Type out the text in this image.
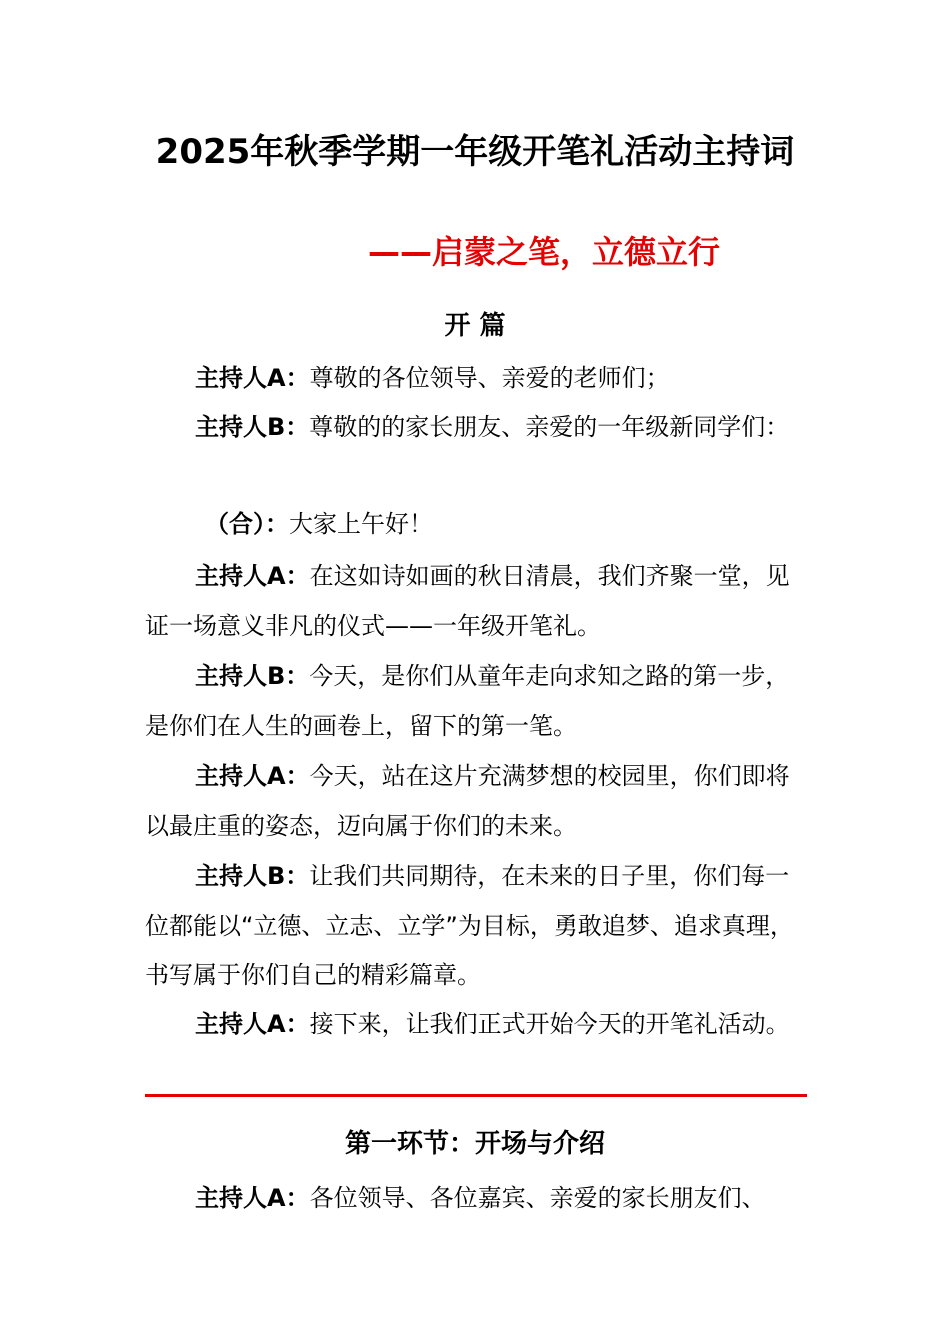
2025年秋季学期一年级开笔礼活动主持词
——启蒙之笔，立德立行
开 篇
主持人A：尊敬的各位领导、亲爱的老师们；
主持人B：尊敬的的家长朋友、亲爱的一年级新同学们：
（合）：大家上午好！
主持人A：在这如诗如画的秋日清晨，我们齐聚一堂，见证一场意义非凡的仪式——一年级开笔礼。
主持人B：今天，是你们从童年走向求知之路的第一步，是你们在人生的画卷上，留下的第一笔。
主持人A：今天，站在这片充满梦想的校园里，你们即将以最庄重的姿态，迈向属于你们的未来。
主持人B：让我们共同期待，在未来的日子里，你们每一位都能以“立德、立志、立学”为目标，勇敢追梦、追求真理，书写属于你们自己的精彩篇章。
主持人A：接下来，让我们正式开始今天的开笔礼活动。
第一环节：开场与介绍
主持人A：各位领导、各位嘉宾、亲爱的家长朋友们、
